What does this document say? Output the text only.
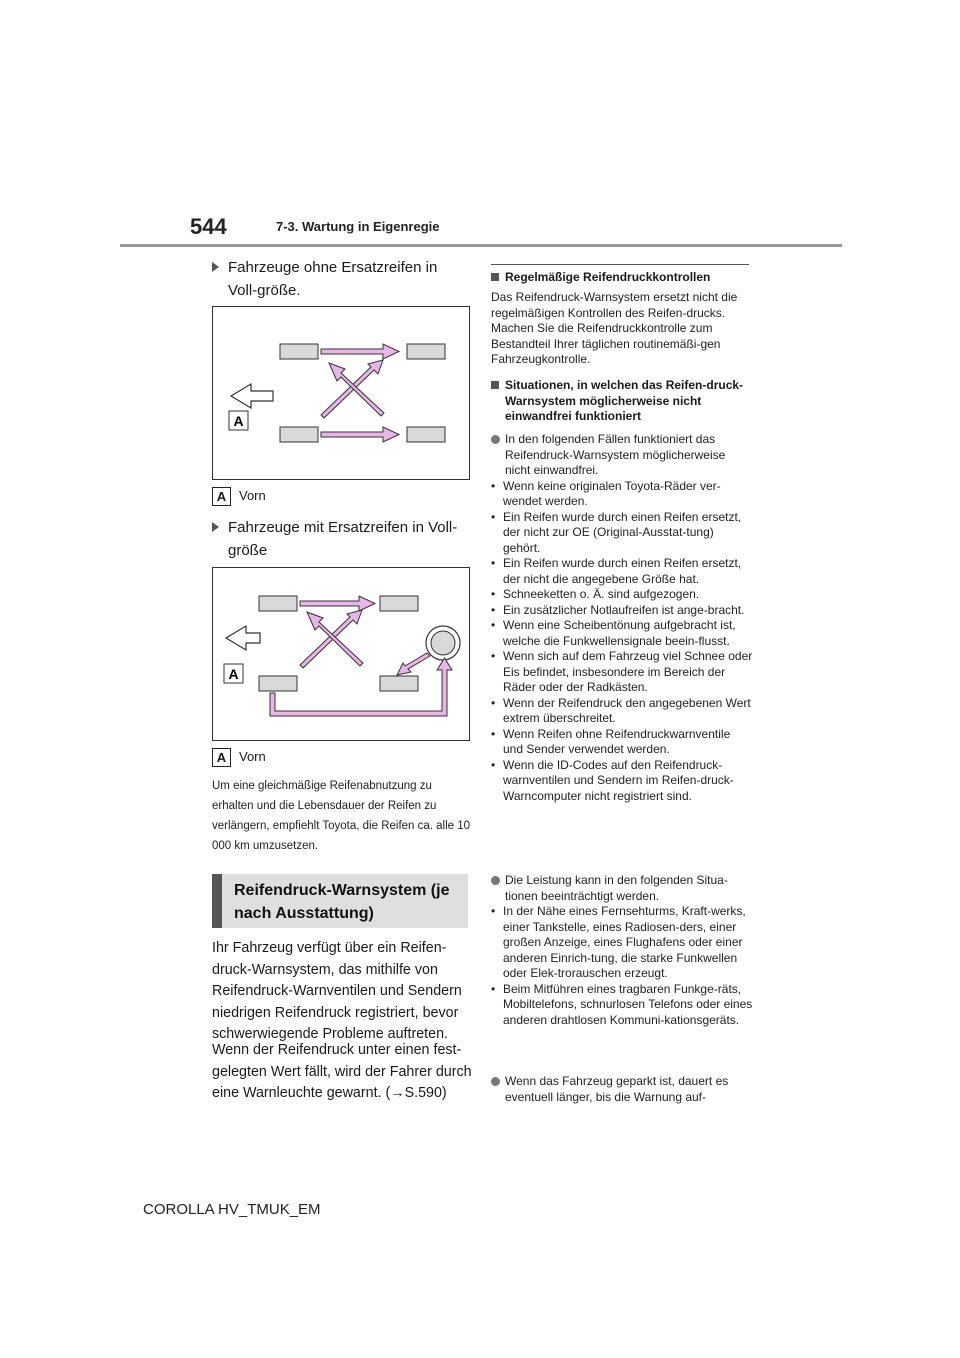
544	7-3. Wartung in Eigenregie
Fahrzeuge ohne Ersatzreifen in Voll-größe.
A
A Vorn
Fahrzeuge mit Ersatzreifen in Voll-größe
A
A Vorn
Um eine gleichmäßige Reifenabnutzung zu erhalten und die Lebensdauer der Reifen zu verlängern, empfiehlt Toyota, die Reifen ca. alle 10 000 km umzusetzen.
Reifendruck-Warnsystem (je nach Ausstattung)
Ihr Fahrzeug verfügt über ein Reifen-druck-Warnsystem, das mithilfe von Reifendruck-Warnventilen und Sendern niedrigen Reifendruck registriert, bevor schwerwiegende Probleme auftreten.
Wenn der Reifendruck unter einen fest-gelegten Wert fällt, wird der Fahrer durch eine Warnleuchte gewarnt. (→S.590)
Regelmäßige Reifendruckkontrollen
Das Reifendruck-Warnsystem ersetzt nicht die regelmäßigen Kontrollen des Reifen-drucks. Machen Sie die Reifendruckkontrolle zum Bestandteil Ihrer täglichen routinemäßi-gen Fahrzeugkontrolle.
Situationen, in welchen das Reifen-druck-Warnsystem möglicherweise nicht einwandfrei funktioniert
In den folgenden Fällen funktioniert das Reifendruck-Warnsystem möglicherweise nicht einwandfrei.
• Wenn keine originalen Toyota-Räder ver-wendet werden.
• Ein Reifen wurde durch einen Reifen ersetzt, der nicht zur OE (Original-Ausstat-tung) gehört.
• Ein Reifen wurde durch einen Reifen ersetzt, der nicht die angegebene Größe hat.
• Schneeketten o. Ä. sind aufgezogen.
• Ein zusätzlicher Notlaufreifen ist ange-bracht.
• Wenn eine Scheibentönung aufgebracht ist, welche die Funkwellensignale beein-flusst.
• Wenn sich auf dem Fahrzeug viel Schnee oder Eis befindet, insbesondere im Bereich der Räder oder der Radkästen.
• Wenn der Reifendruck den angegebenen Wert extrem überschreitet.
• Wenn Reifen ohne Reifendruckwarnventile und Sender verwendet werden.
• Wenn die ID-Codes auf den Reifendruck-warnventilen und Sendern im Reifen-druck-Warncomputer nicht registriert sind.
Die Leistung kann in den folgenden Situa-tionen beeinträchtigt werden.
• In der Nähe eines Fernsehturms, Kraft-werks, einer Tankstelle, eines Radiosen-ders, einer großen Anzeige, eines Flughafens oder einer anderen Einrich-tung, die starke Funkwellen oder Elek-trorauschen erzeugt.
• Beim Mitführen eines tragbaren Funkge-räts, Mobiltelefons, schnurlosen Telefons oder eines anderen drahtlosen Kommuni-kationsgeräts.
Wenn das Fahrzeug geparkt ist, dauert es eventuell länger, bis die Warnung auf-
COROLLA HV_TMUK_EM
